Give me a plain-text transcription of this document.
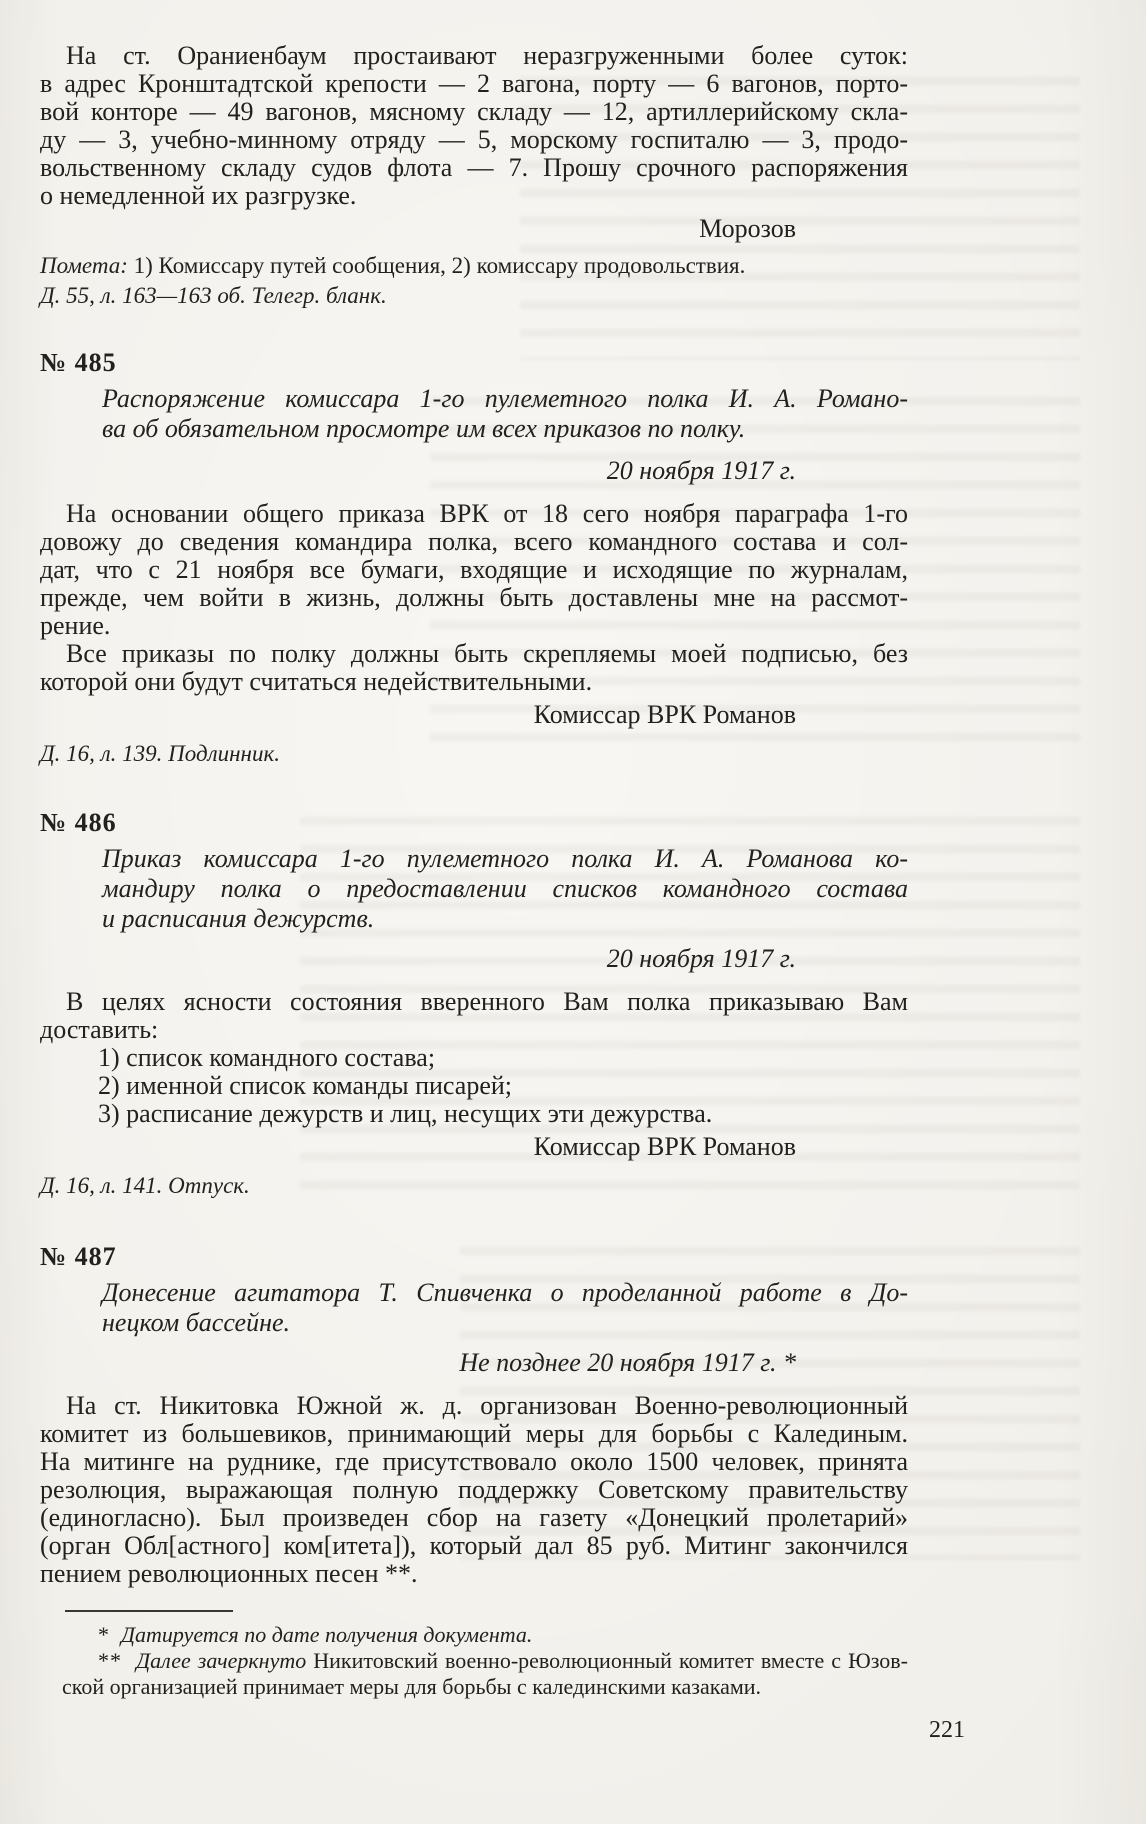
На ст. Ораниенбаум простаивают неразгруженными более суток:
в адрес Кронштадтской крепости — 2 вагона, порту — 6 вагонов, порто-
вой конторе — 49 вагонов, мясному складу — 12, артиллерийскому скла-
ду — 3, учебно-минному отряду — 5, морскому госпиталю — 3, продо-
вольственному складу судов флота — 7. Прошу срочного распоряжения
о немедленной их разгрузке.
Морозов
Помета: 1) Комиссару путей сообщения, 2) комиссару продовольствия.
Д. 55, л. 163—163 об. Телегр. бланк.
№ 485
Распоряжение комиссара 1-го пулеметного полка И. А. Романо-
ва об обязательном просмотре им всех приказов по полку.
20 ноября 1917 г.
На основании общего приказа ВРК от 18 сего ноября параграфа 1-го
довожу до сведения командира полка, всего командного состава и сол-
дат, что с 21 ноября все бумаги, входящие и исходящие по журналам,
прежде, чем войти в жизнь, должны быть доставлены мне на рассмот-
рение.
Все приказы по полку должны быть скрепляемы моей подписью, без
которой они будут считаться недействительными.
Комиссар ВРК Романов
Д. 16, л. 139. Подлинник.
№ 486
Приказ комиссара 1-го пулеметного полка И. А. Романова ко-
мандиру полка о предоставлении списков командного состава
и расписания дежурств.
20 ноября 1917 г.
В целях ясности состояния вверенного Вам полка приказываю Вам
доставить:
1) список командного состава;
2) именной список команды писарей;
3) расписание дежурств и лиц, несущих эти дежурства.
Комиссар ВРК Романов
Д. 16, л. 141. Отпуск.
№ 487
Донесение агитатора Т. Спивченка о проделанной работе в До-
нецком бассейне.
Не позднее 20 ноября 1917 г. *
На ст. Никитовка Южной ж. д. организован Военно-революционный
комитет из большевиков, принимающий меры для борьбы с Калединым.
На митинге на руднике, где присутствовало около 1500 человек, принята
резолюция, выражающая полную поддержку Советскому правительству
(единогласно). Был произведен сбор на газету «Донецкий пролетарий»
(орган Обл[астного] ком[итета]), который дал 85 руб. Митинг закончился
пением революционных песен **.
* Датируется по дате получения документа.
** Далее зачеркнуто Никитовский военно-революционный комитет вместе с Юзов-
ской организацией принимает меры для борьбы с калединскими казаками.
221
